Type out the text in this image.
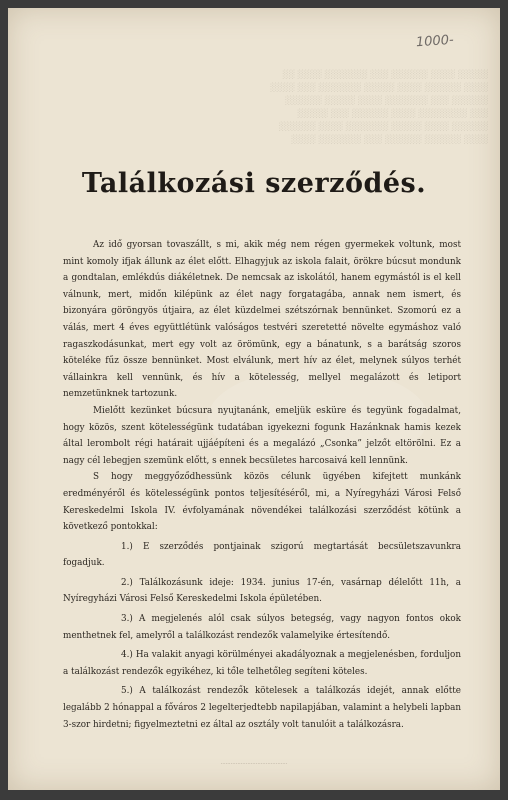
░░░░░ ░░░░ ░░░░░░ ░░░ ░░░░░░░ ░░░░ ░░
░░░░ ░░░░░░ ░░░░ ░░░░░ ░░░░░░░ ░░░ ░░░░
░░░░░░ ░░░ ░░░░░░░ ░░░░ ░░░░░ ░░░░░░
░░░ ░░░░░░░░ ░░░░ ░░░░░░ ░░░ ░░░░░
░░░░░░ ░░░░ ░░░░░ ░░░░░░░ ░░░░ ░░░░░░
░░░░ ░░░░░░ ░░░░░░ ░░░ ░░░░░░░ ░░░░
1000-
Találkozási szerződés.

Az idő gyorsan tovaszállt, s mi, akik még nem régen gyermekek voltunk, most mint komoly ifjak állunk az élet előtt. Elhagyjuk az iskola falait, örökre búcsut mondunk a gondtalan, emlékdús diákéletnek. De nemcsak az iskolától, hanem egymástól is el kell válnunk, mert, midőn kilépünk az élet nagy forgatagába, annak nem ismert, és bizonyára göröngyös útjaira, az élet küzdelmei szétszórnak bennünket. Szomorú ez a válás, mert 4 éves együttlétünk valóságos testvéri szeretetté növelte egymáshoz való ragaszkodásunkat, mert egy volt az örömünk, egy a bánatunk, s a barátság szoros köteléke fűz össze bennünket. Most elválunk, mert hív az élet, melynek súlyos terhét vállainkra kell vennünk, és hív a kötelesség, mellyel megalázott és letiport nemzetünknek tartozunk.

Mielőtt kezünket búcsura nyujtanánk, emeljük esküre és tegyünk fogadalmat, hogy közös, szent kötelességünk tudatában igyekezni fogunk Hazánknak hamis kezek által lerombolt régi határait ujjáépíteni és a megalázó „Csonka” jelzőt eltörölni. Ez a nagy cél lebegjen szemünk előtt, s ennek becsületes harcosaivá kell lennünk.

S hogy meggyőződhessünk közös célunk ügyében kifejtett munkánk eredményéről és kötelességünk pontos teljesítéséről, mi, a Nyíregyházi Városi Felső Kereskedelmi Iskola IV. évfolyamának növendékei találkozási szerződést kötünk a következő pontokkal:

1.) E szerződés pontjainak szigorú megtartását becsületszavunkra fogadjuk.

2.) Találkozásunk ideje: 1934. junius 17-én, vasárnap délelőtt 11h, a Nyíregyházi Városi Felső Kereskedelmi Iskola épületében.

3.) A megjelenés alól csak súlyos betegség, vagy nagyon fontos okok menthetnek fel, amelyről a találkozást rendezők valamelyike értesítendő.

4.) Ha valakit anyagi körülményei akadályoznak a megjelenésben, forduljon a találkozást rendezők egyikéhez, ki tőle telhetőleg segíteni köteles.

5.) A találkozást rendezők kötelesek a találkozás idejét, annak előtte legalább 2 hónappal a főváros 2 legelterjedtebb napilapjában, valamint a helybeli lapban 3-szor hirdetni; figyelmeztetni ez által az osztály volt tanulóit a találkozásra.

‥‥‥‥‥‥‥‥‥‥‥‥‥‥‥‥‥‥‥‥
